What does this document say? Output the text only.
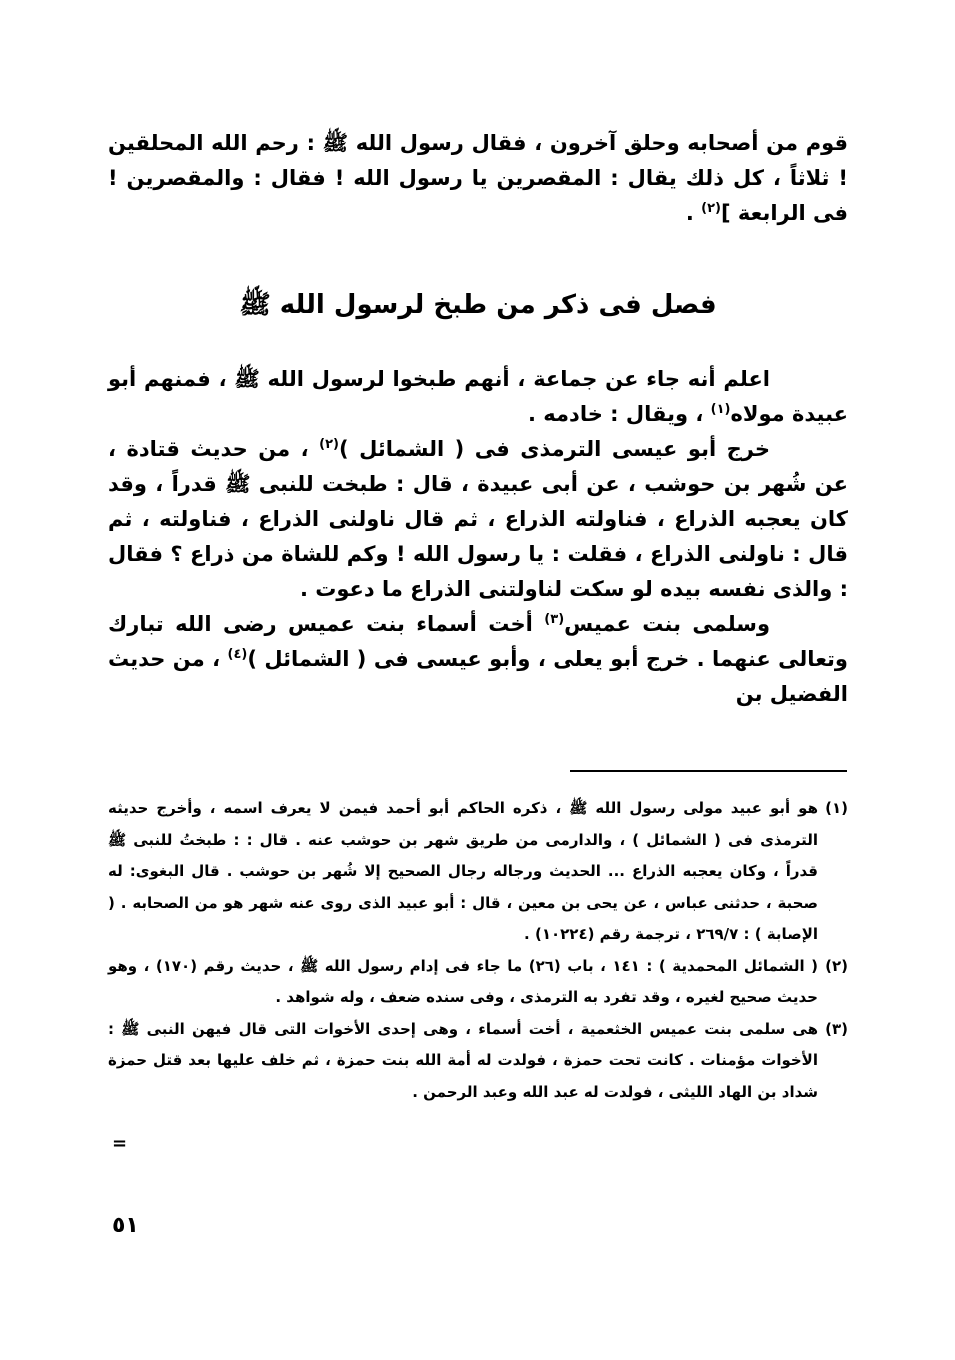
قوم من أصحابه وحلق آخرون ، فقال رسول الله ﷺ : رحم الله المحلقين ! ثلاثاً ، كل ذلك يقال : المقصرين يا رسول الله ! فقال : والمقصرين ! فى الرابعة ]$^{(٢)}$ .

فصل فى ذكر من طبخ لرسول الله ﷺ

اعلم أنه جاء عن جماعة ، أنهم طبخوا لرسول الله ﷺ ، فمنهم أبو عبيدة مولاه$^{(١)}$ ، ويقال : خادمه .

خرج أبو عيسى الترمذى فى ( الشمائل )$^{(٢)}$ ، من حديث قتادة ، عن شُهر بن حوشب ، عن أبى عبيدة ، قال : طبخت للنبى ﷺ قدراً ، وقد كان يعجبه الذراع ، فناولته الذراع ، ثم قال ناولنى الذراع ، فناولته ، ثم قال : ناولنى الذراع ، فقلت : يا رسول الله ! وكم للشاة من ذراع ؟ فقال : والذى نفسه بيده لو سكت لناولتنى الذراع ما دعوت .

وسلمى بنت عميس$^{(٣)}$ أخت أسماء بنت عميس رضى الله تبارك وتعالى عنهما . خرج أبو يعلى ، وأبو عيسى فى ( الشمائل )$^{(٤)}$ ، من حديث الفضيل بن

(١)
هو أبو عبيد مولى رسول الله ﷺ ، ذكره الحاكم أبو أحمد فيمن لا يعرف اسمه ، وأخرج حديثه الترمذى فى ( الشمائل ) ، والدارمى من طريق شهر بن حوشب عنه . قال : : طبختُ للنبى ﷺ قدراً ، وكان يعجبه الذراع ... الحديث ورجاله رجال الصحيح إلا شُهر بن حوشب . قال البغوى: له صحبة ، حدثنى عباس ، عن يحى بن معين ، قال : أبو عبيد الذى روى عنه شهر هو من الصحابه . ( الإصابة ) : ٢٦٩/٧ ، ترجمة رقم (١٠٢٢٤) .

(٢)
( الشمائل المحمدية ) : ١٤١ ، باب (٢٦) ما جاء فى إدام رسول الله ﷺ ، حديث رقم (١٧٠) ، وهو حديث صحيح لغيره ، وقد تفرد به الترمذى ، وفى سنده ضعف ، وله شواهد .

(٣)
هى سلمى بنت عميس الخثعمية ، أخت أسماء ، وهى إحدى الأخوات التى قال فيهن النبى ﷺ : الأخوات مؤمنات . كانت تحت حمزة ، فولدت له أمة الله بنت حمزة ، ثم خلف عليها بعد قتل حمزة شداد بن الهاد الليثى ، فولدت له عبد الله وعبد الرحمن .

=
٥١
